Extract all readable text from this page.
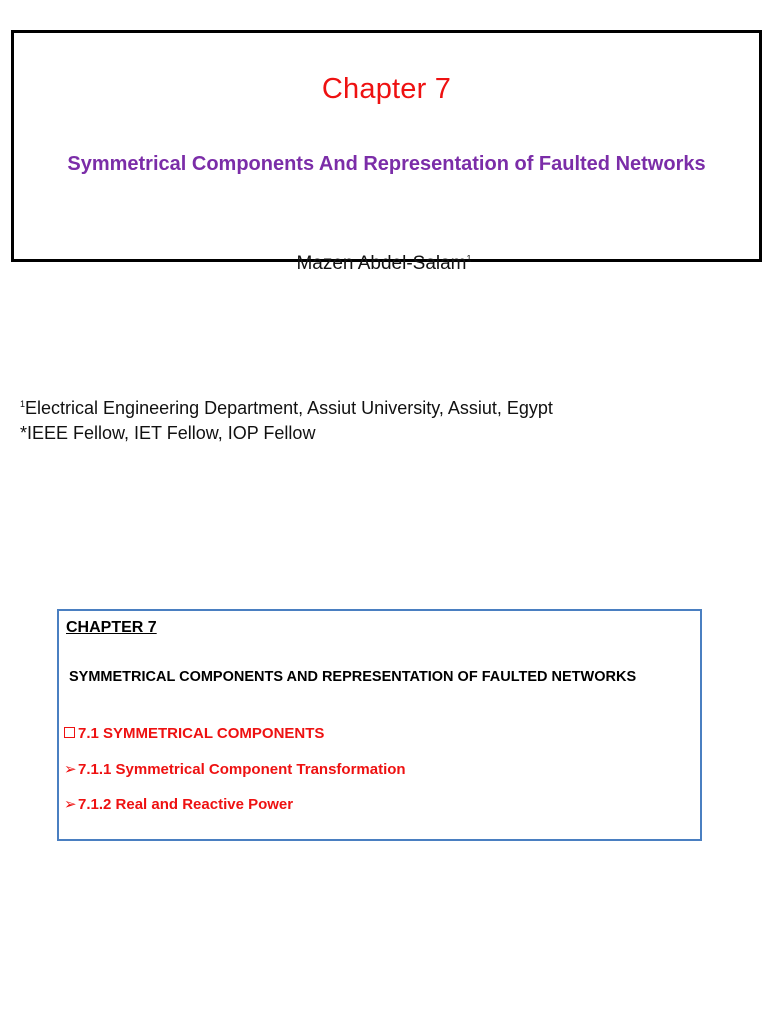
Chapter 7
Symmetrical Components And Representation of Faulted Networks
Mazen Abdel-Salam$^1$
$^1$Electrical Engineering Department, Assiut University, Assiut, Egypt
*IEEE Fellow, IET Fellow, IOP Fellow
CHAPTER 7
SYMMETRICAL COMPONENTS AND REPRESENTATION OF FAULTED NETWORKS
7.1 SYMMETRICAL COMPONENTS
➢7.1.1 Symmetrical Component Transformation
➢7.1.2 Real and Reactive Power
